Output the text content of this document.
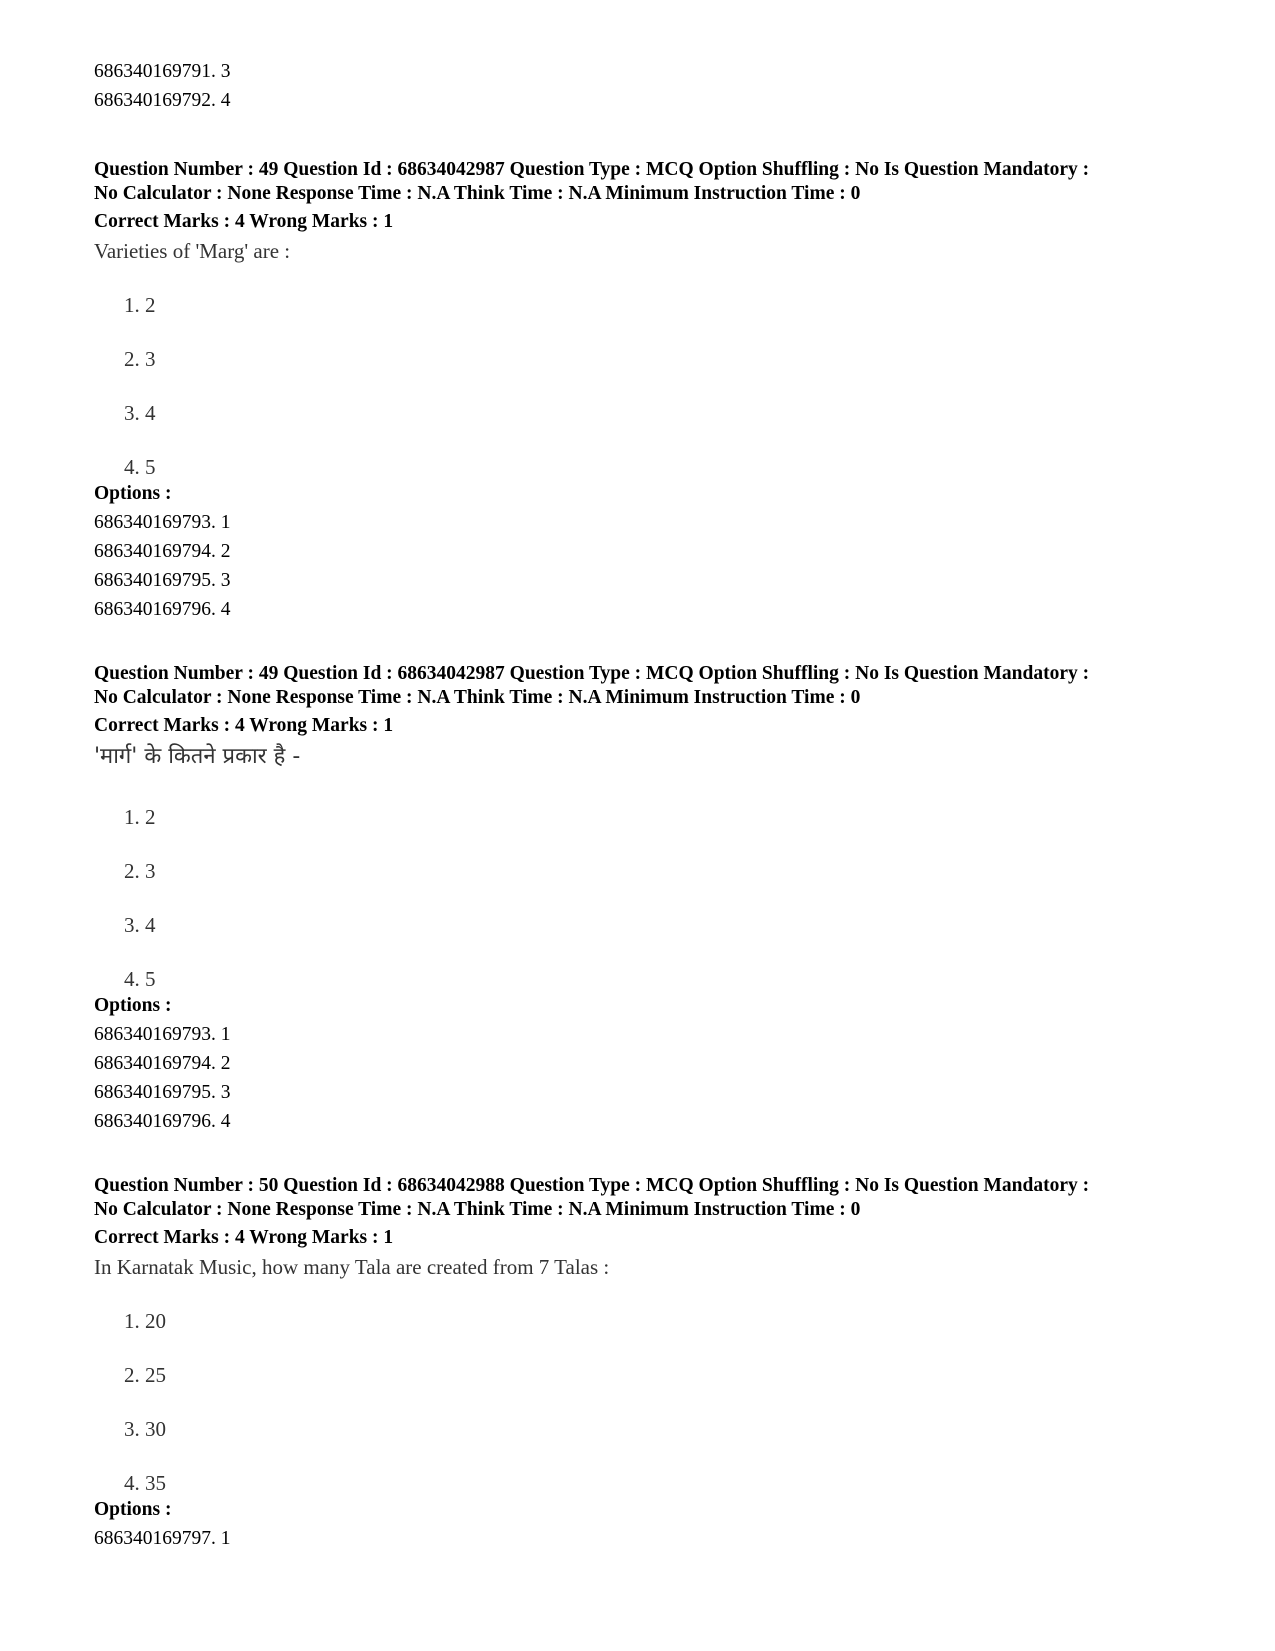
686340169791. 3
686340169792. 4
Question Number : 49 Question Id : 68634042987 Question Type : MCQ Option Shuffling : No Is Question Mandatory :
No Calculator : None Response Time : N.A Think Time : N.A Minimum Instruction Time : 0
Correct Marks : 4 Wrong Marks : 1
Varieties of 'Marg' are :
1. 2
2. 3
3. 4
4. 5
Options :
686340169793. 1
686340169794. 2
686340169795. 3
686340169796. 4
Question Number : 49 Question Id : 68634042987 Question Type : MCQ Option Shuffling : No Is Question Mandatory :
No Calculator : None Response Time : N.A Think Time : N.A Minimum Instruction Time : 0
Correct Marks : 4 Wrong Marks : 1
'मार्ग' के कितने प्रकार है -
1. 2
2. 3
3. 4
4. 5
Options :
686340169793. 1
686340169794. 2
686340169795. 3
686340169796. 4
Question Number : 50 Question Id : 68634042988 Question Type : MCQ Option Shuffling : No Is Question Mandatory :
No Calculator : None Response Time : N.A Think Time : N.A Minimum Instruction Time : 0
Correct Marks : 4 Wrong Marks : 1
In Karnatak Music, how many Tala are created from 7 Talas :
1. 20
2. 25
3. 30
4. 35
Options :
686340169797. 1
